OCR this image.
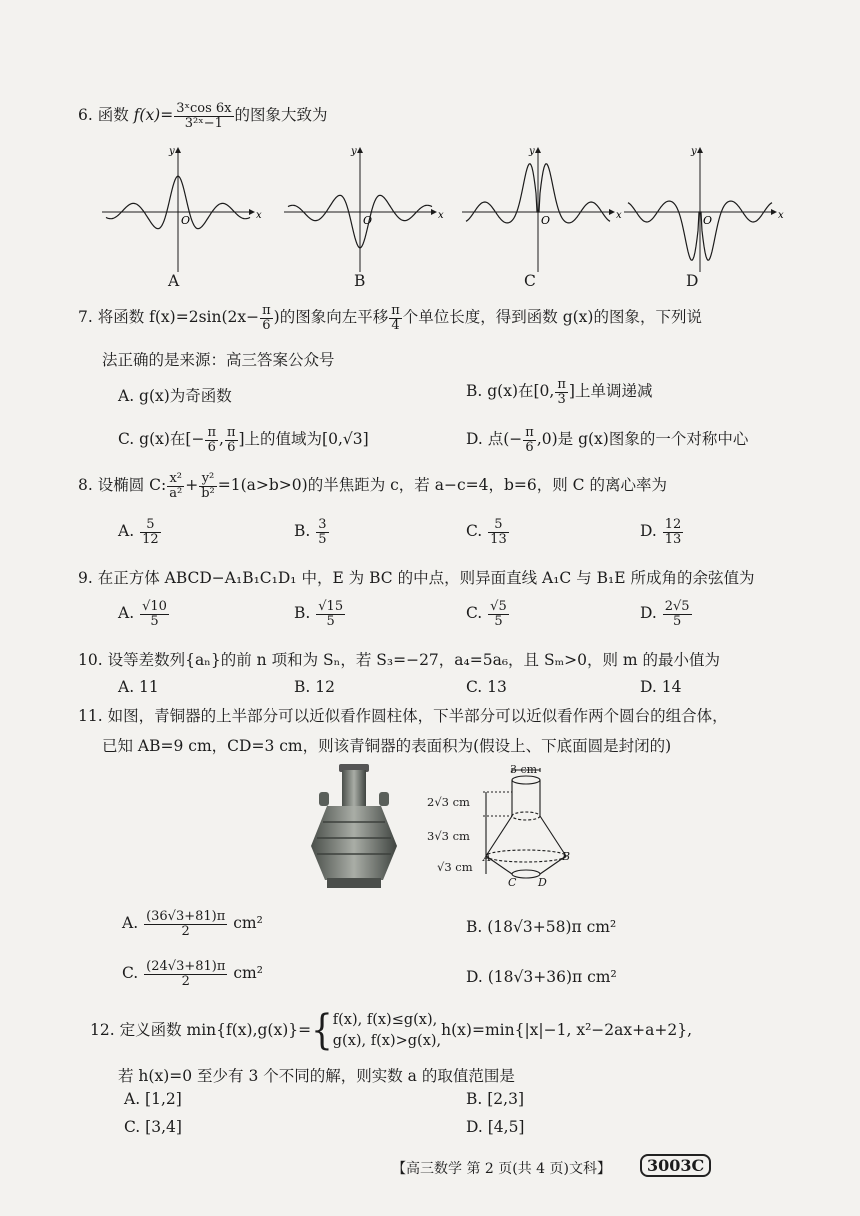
6. 函数 $f(x)= \frac{\text{3ˣcos 6x}}{\text{3²ˣ−1}}$ 的图象大致为
x
y
O	x
y
O	x
y
O	x
y
O
A	B	C	D
7. 将函数 $f(x)=2\sin(2x- \frac{\pi}{6}$ )的图象向左平移 $\frac{\pi}{4}$ 个单位长度，得到函数 g(x)的图象，下列说
法正确的是来源：高三答案公众号
A. g(x)为奇函数	B. g(x)在[0, $\frac{\pi}{3}$ ]上单调递减
C. g(x)在[− $\frac{\pi}{6}$ , $\frac{\pi}{6}$ ]上的值域为[0,√3]	D. 点(− $\frac{\pi}{6} ,0$)是 g(x)图象的一个对称中心
8. 设椭圆 C: $\frac{\text{x²}}{\text{a²}} + \frac{\text{y²}}{\text{b²}} =1(a>b>0)$的半焦距为 c，若 a−c=4，b=6，则 C 的离心率为
A. $\frac{5}{12}$	B. $\frac{3}{5}$	C. $\frac{5}{13}$	D. $\frac{12}{13}$
9. 在正方体 ABCD−A₁B₁C₁D₁ 中，E 为 BC 的中点，则异面直线 A₁C 与 B₁E 所成角的余弦值为
A. $\frac{√10}{5}$	B. $\frac{√15}{5}$	C. $\frac{√5}{5}$	D. $\frac{2√5}{5}$
10. 设等差数列{aₙ}的前 n 项和为 Sₙ，若 S₃=−27，a₄=5a₆，且 Sₘ>0，则 m 的最小值为
A. 11	B. 12	C. 13	D. 14
11. 如图，青铜器的上半部分可以近似看作圆柱体，下半部分可以近似看作两个圆台的组合体，
已知 AB=9 cm，CD=3 cm，则该青铜器的表面积为(假设上、下底面圆是封闭的)
3 cm
2√3 cm
3√3 cm
√3 cm
A	B
C D
A. $\frac{(36√3+81)\pi}{2} cm^2$	B. (18√3+58)π cm²
C. $\frac{(24√3+81)\pi}{2} cm^2$	D. (18√3+36)π cm²
12. 定义函数 min{f(x),g(x)}={ f(x), f(x)≤g(x),
g(x), f(x)>g(x),
h(x)=min{|x|−1, x²−2ax+a+2},
若 h(x)=0 至少有 3 个不同的解，则实数 a 的取值范围是
A. [1,2]	B. [2,3]
C. [3,4]	D. [4,5]
【高三数学 第 2 页(共 4 页)文科】	3003C
